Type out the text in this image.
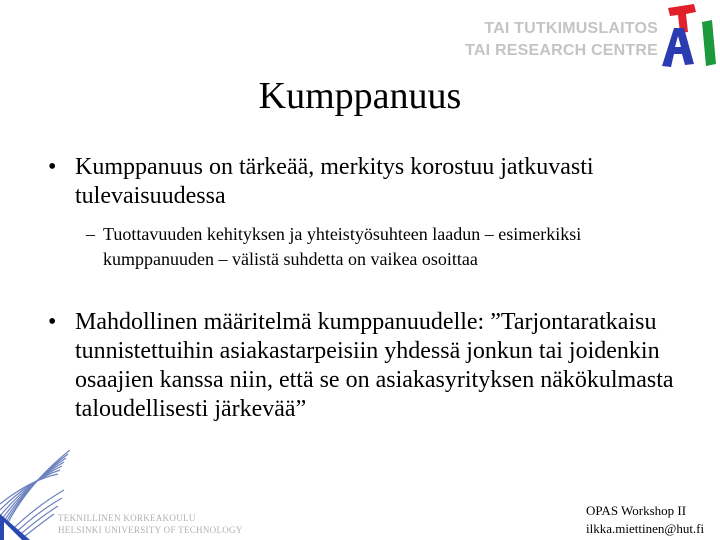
TAI TUTKIMUSLAITOS
TAI RESEARCH CENTRE
Kumppanuus
• Kumppanuus on tärkeää, merkitys korostuu jatkuvasti tulevaisuudessa
– Tuottavuuden kehityksen ja yhteistyösuhteen laadun – esimerkiksi kumppanuuden – välistä suhdetta on vaikea osoittaa
• Mahdollinen määritelmä kumppanuudelle: ”Tarjontaratkaisu tunnistettuihin asiakastarpeisiin yhdessä jonkun tai joidenkin osaajien kanssa niin, että se on asiakasyrityksen näkökulmasta taloudellisesti järkevää”
TEKNILLINEN KORKEAKOULU
HELSINKI UNIVERSITY OF TECHNOLOGY
OPAS Workshop II
ilkka.miettinen@hut.fi
